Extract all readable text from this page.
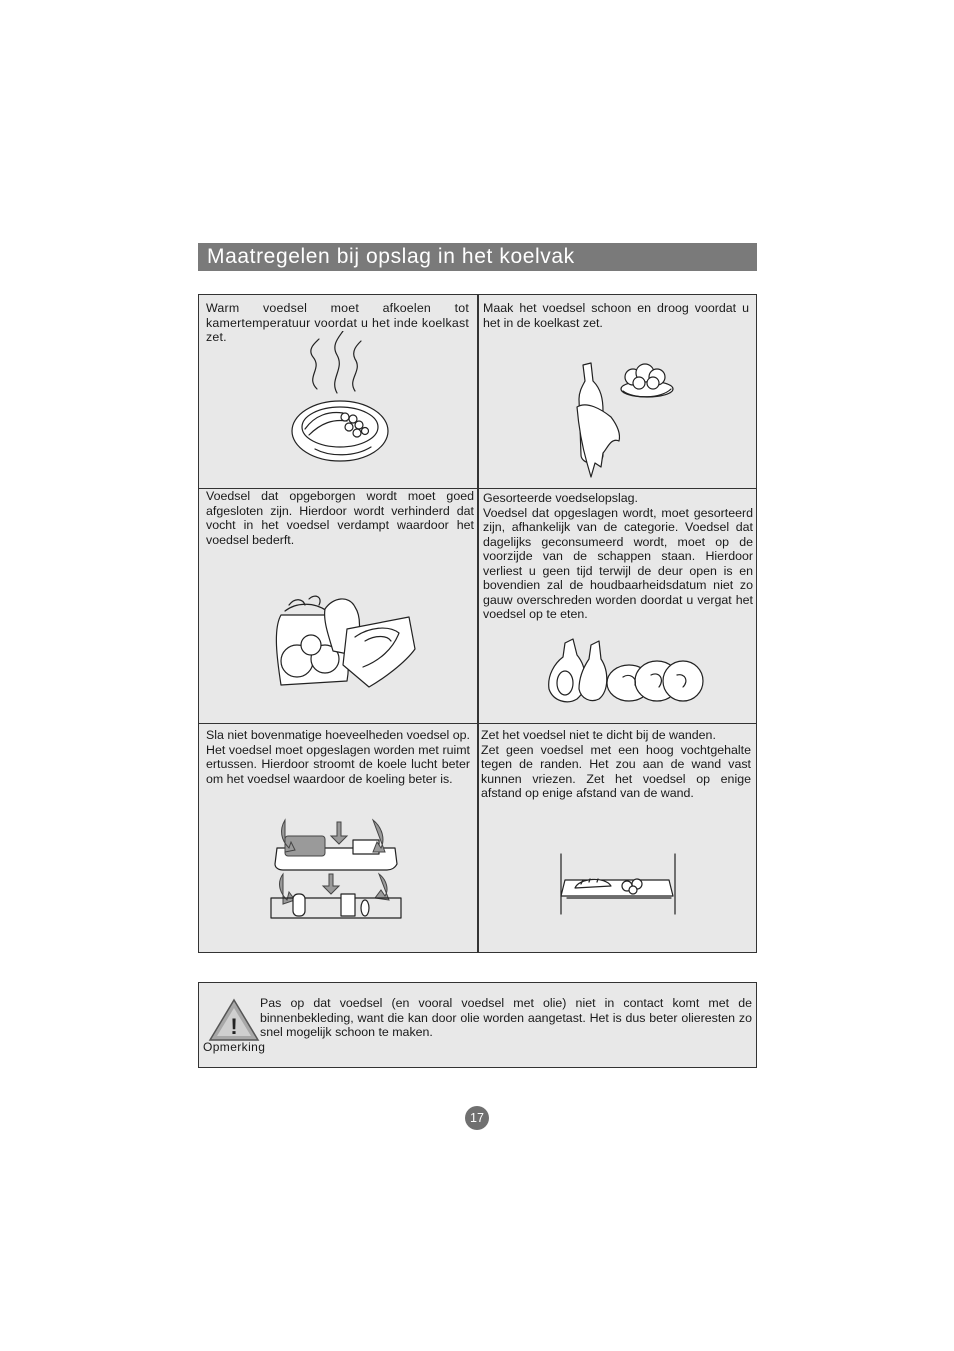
Maatregelen bij opslag in het koelvak

Warm voedsel moet afkoelen tot kamertemperatuur voordat u het inde koelkast zet.

Maak het voedsel schoon en droog voordat u het in de koelkast zet.

Voedsel dat opgeborgen wordt moet goed afgesloten zijn. Hierdoor wordt verhinderd dat vocht in het voedsel verdampt waardoor het voedsel bederft.

Gesorteerde voedselopslag.
Voedsel dat opgeslagen wordt, moet gesorteerd zijn, afhankelijk van de categorie. Voedsel dat dagelijks geconsumeerd wordt, moet op de voorzijde van de schappen staan. Hierdoor verliest u geen tijd terwijl de deur open is en bovendien zal de houdbaarheidsdatum niet zo gauw overschreden worden doordat u vergat het voedsel op te eten.

Sla niet bovenmatige hoeveelheden voedsel op. Het voedsel moet opgeslagen worden met ruimt ertussen. Hierdoor stroomt de koele lucht beter om het voedsel waardoor de koeling beter is.

Zet het voedsel niet te dicht bij de wanden.
Zet geen voedsel met een hoog vochtgehalte tegen de randen. Het zou aan de wand vast kunnen vriezen. Zet het voedsel op enige afstand op enige afstand van de wand.

!

Pas op dat voedsel (en vooral voedsel met olie) niet in contact komt met de binnenbekleding, want die kan door olie worden aangetast. Het is dus beter olieresten zo snel mogelijk schoon te maken.

Opmerking
17
